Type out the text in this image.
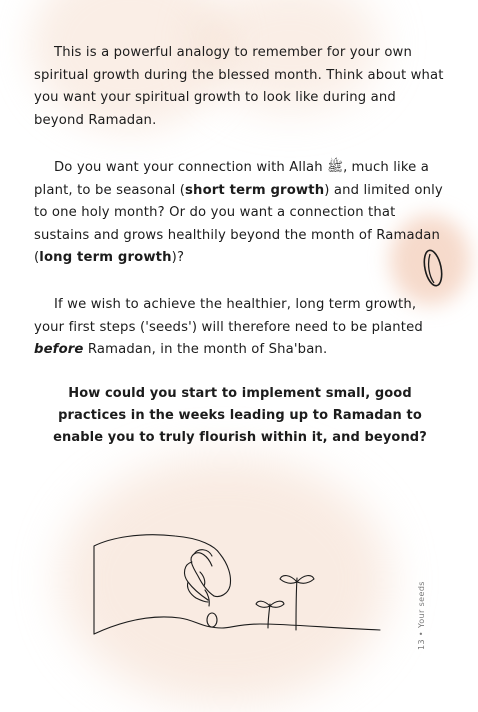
This is a powerful analogy to remember for your own spiritual growth during the blessed month. Think about what you want your spiritual growth to look like during and beyond Ramadan.

Do you want your connection with Allah ﷺ, much like a plant, to be seasonal (short term growth) and limited only to one holy month? Or do you want a connection that sustains and grows healthily beyond the month of Ramadan (long term growth)?

If we wish to achieve the healthier, long term growth, your first steps ('seeds') will therefore need to be planted before Ramadan, in the month of Sha'ban.

How could you start to implement small, good practices in the weeks leading up to Ramadan to enable you to truly flourish within it, and beyond?

13 • Your seeds
